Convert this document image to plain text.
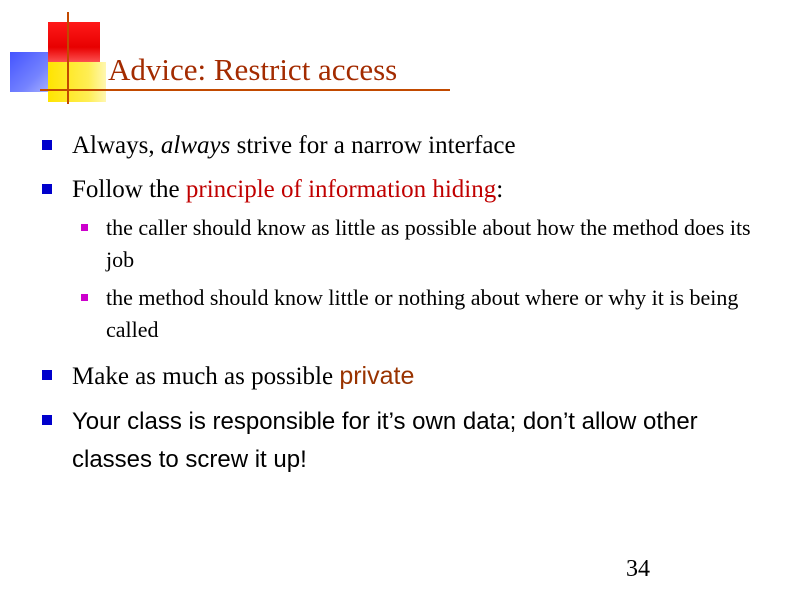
Advice: Restrict access
Always, always strive for a narrow interface
Follow the principle of information hiding:
the caller should know as little as possible about how the method does its job
the method should know little or nothing about where or why it is being called
Make as much as possible private
Your class is responsible for it’s own data; don’t allow other classes to screw it up!
34
